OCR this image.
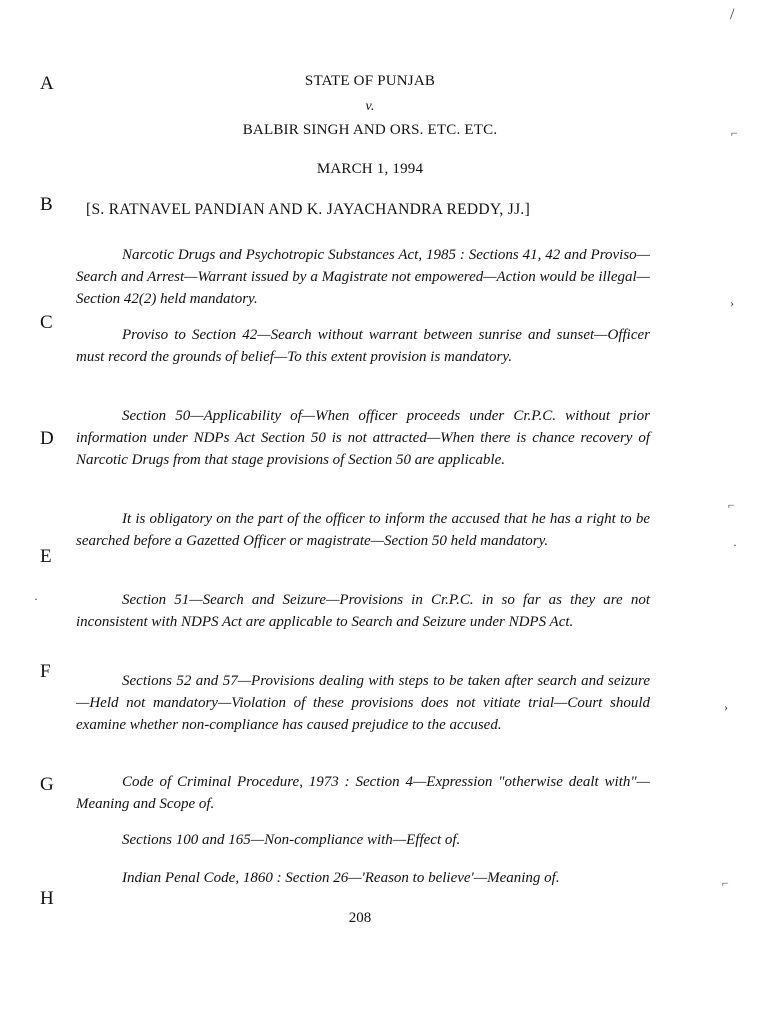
A
B
C
D
E
F
G
H
STATE OF PUNJAB
v.
BALBIR SINGH AND ORS. ETC. ETC.
MARCH 1, 1994
[S. RATNAVEL PANDIAN AND K. JAYACHANDRA REDDY, JJ.]
Narcotic Drugs and Psychotropic Substances Act, 1985 : Sections 41, 42 and Proviso—Search and Arrest—Warrant issued by a Magistrate not empowered—Action would be illegal—Section 42(2) held mandatory.
Proviso to Section 42—Search without warrant between sunrise and sunset—Officer must record the grounds of belief—To this extent provision is mandatory.
Section 50—Applicability of—When officer proceeds under Cr.P.C. without prior information under NDPs Act Section 50 is not attracted—When there is chance recovery of Narcotic Drugs from that stage provisions of Section 50 are applicable.
It is obligatory on the part of the officer to inform the accused that he has a right to be searched before a Gazetted Officer or magistrate—Section 50 held mandatory.
Section 51—Search and Seizure—Provisions in Cr.P.C. in so far as they are not inconsistent with NDPS Act are applicable to Search and Seizure under NDPS Act.
Sections 52 and 57—Provisions dealing with steps to be taken after search and seizure—Held not mandatory—Violation of these provisions does not vitiate trial—Court should examine whether non-compliance has caused prejudice to the accused.
Code of Criminal Procedure, 1973 : Section 4—Expression "otherwise dealt with"—Meaning and Scope of.
Sections 100 and 165—Non-compliance with—Effect of.
Indian Penal Code, 1860 : Section 26—'Reason to believe'—Meaning of.
208
/
⌐
›
⌐
·
›
⌐
·
